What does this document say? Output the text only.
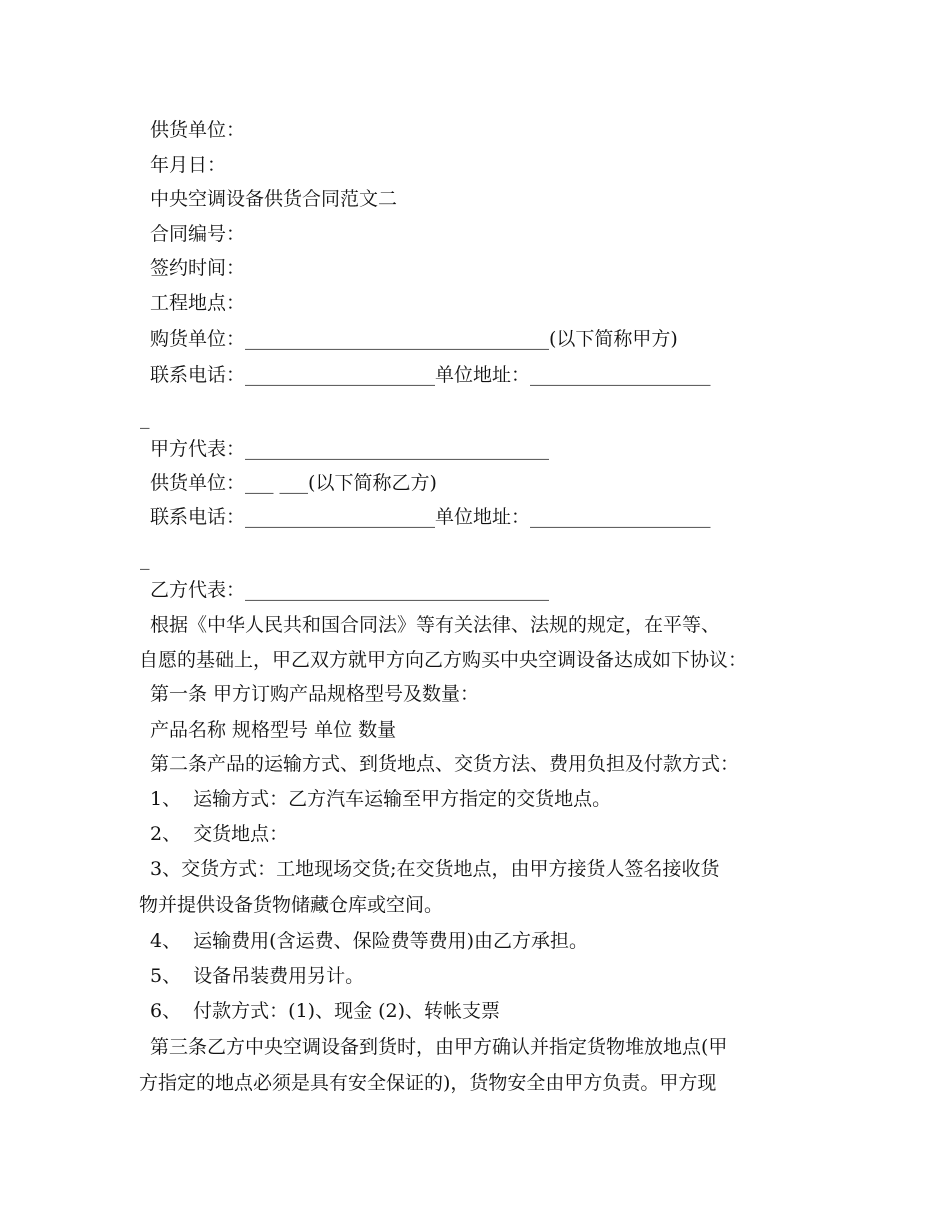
供货单位：
年月日：
中央空调设备供货合同范文二
合同编号：
签约时间：
工程地点：
购货单位：________________________________(以下简称甲方)
联系电话：____________________单位地址：___________________
_
甲方代表：________________________________
供货单位：___ ___(以下简称乙方)
联系电话：____________________单位地址：___________________
_
乙方代表：________________________________
根据《中华人民共和国合同法》等有关法律、法规的规定，在平等、
自愿的基础上，甲乙双方就甲方向乙方购买中央空调设备达成如下协议：
第一条 甲方订购产品规格型号及数量：
产品名称 规格型号 单位 数量
第二条产品的运输方式、到货地点、交货方法、费用负担及付款方式：
1、  运输方式：乙方汽车运输至甲方指定的交货地点。
2、  交货地点：
3、交货方式：工地现场交货;在交货地点，由甲方接货人签名接收货
物并提供设备货物储藏仓库或空间。
4、  运输费用(含运费、保险费等费用)由乙方承担。
5、  设备吊装费用另计。
6、  付款方式：(1)、现金 (2)、转帐支票
第三条乙方中央空调设备到货时，由甲方确认并指定货物堆放地点(甲
方指定的地点必须是具有安全保证的)，货物安全由甲方负责。甲方现
